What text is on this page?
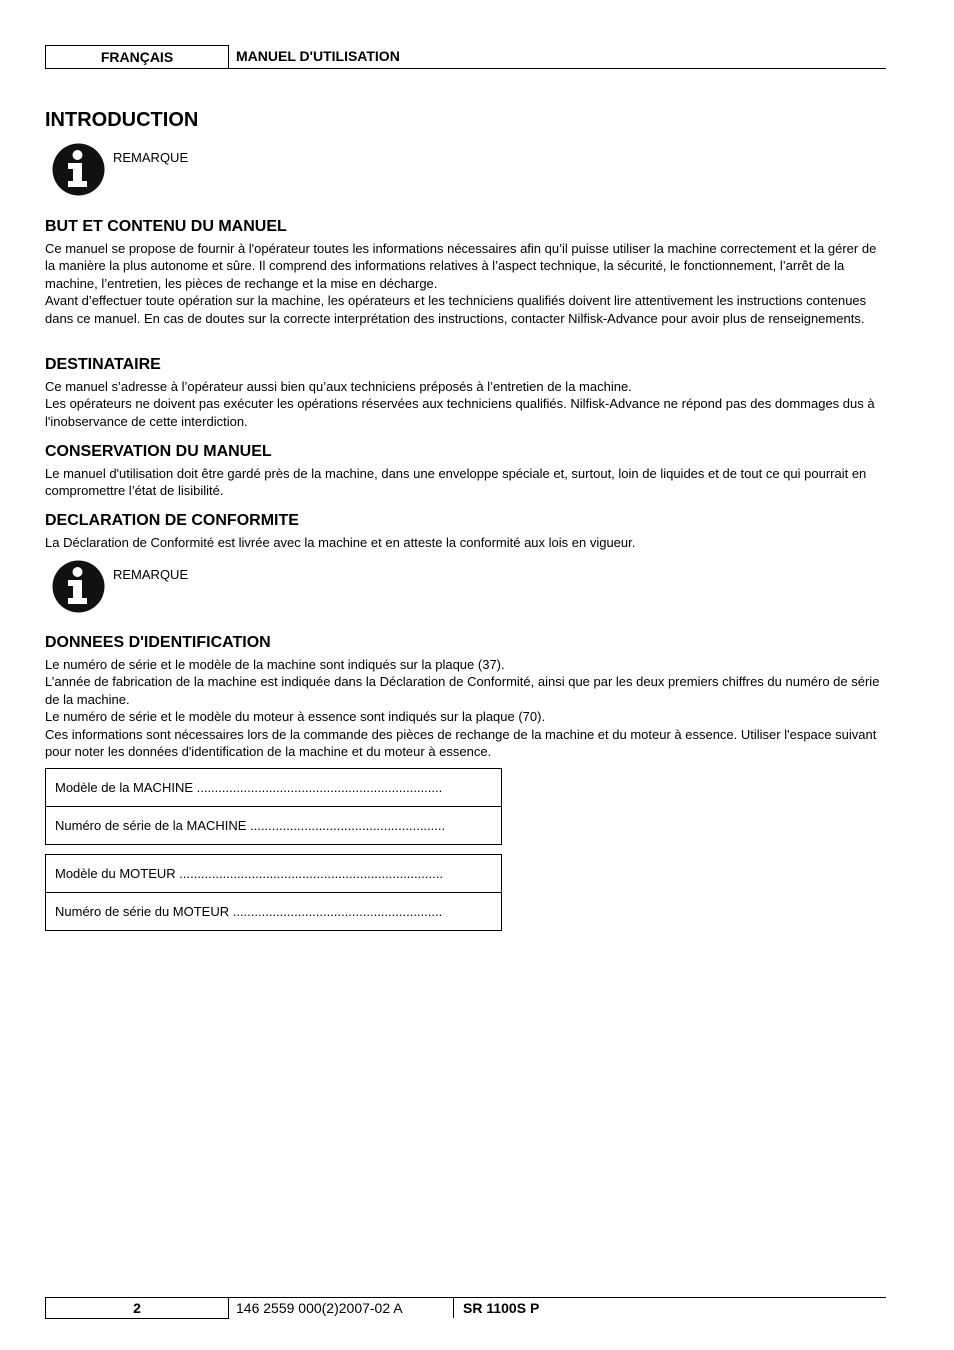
FRANÇAIS	MANUEL D'UTILISATION
INTRODUCTION
REMARQUE
BUT ET CONTENU DU MANUEL

Ce manuel se propose de fournir à l'opérateur toutes les informations nécessaires afin qu’il puisse utiliser la machine correctement et la gérer de la manière la plus autonome et sûre. Il comprend des informations relatives à l’aspect technique, la sécurité, le fonctionnement, l’arrêt de la machine, l’entretien, les pièces de rechange et la mise en décharge.

Avant d’effectuer toute opération sur la machine, les opérateurs et les techniciens qualifiés doivent lire attentivement les instructions contenues dans ce manuel. En cas de doutes sur la correcte interprétation des instructions, contacter Nilfisk-Advance pour avoir plus de renseignements.

DESTINATAIRE

Ce manuel s’adresse à l’opérateur aussi bien qu’aux techniciens préposés à l’entretien de la machine.

Les opérateurs ne doivent pas exécuter les opérations réservées aux techniciens qualifiés. Nilfisk-Advance ne répond pas des dommages dus à l'inobservance de cette interdiction.

CONSERVATION DU MANUEL

Le manuel d'utilisation doit être gardé près de la machine, dans une enveloppe spéciale et, surtout, loin de liquides et de tout ce qui pourrait en compromettre l’état de lisibilité.

DECLARATION DE CONFORMITE

La Déclaration de Conformité est livrée avec la machine et en atteste la conformité aux lois en vigueur.

REMARQUE
DONNEES D'IDENTIFICATION

Le numéro de série et le modèle de la machine sont indiqués sur la plaque (37).

L’année de fabrication de la machine est indiquée dans la Déclaration de Conformité, ainsi que par les deux premiers chiffres du numéro de série de la machine.

Le numéro de série et le modèle du moteur à essence sont indiqués sur la plaque (70).

Ces informations sont nécessaires lors de la commande des pièces de rechange de la machine et du moteur à essence. Utiliser l'espace suivant pour noter les données d'identification de la machine et du moteur à essence.

Modèle de la MACHINE ....................................................................
Numéro de série de la MACHINE ......................................................
Modèle du MOTEUR .........................................................................
Numéro de série du MOTEUR ..........................................................
2	146 2559 000(2)2007-02 A	SR 1100S P
